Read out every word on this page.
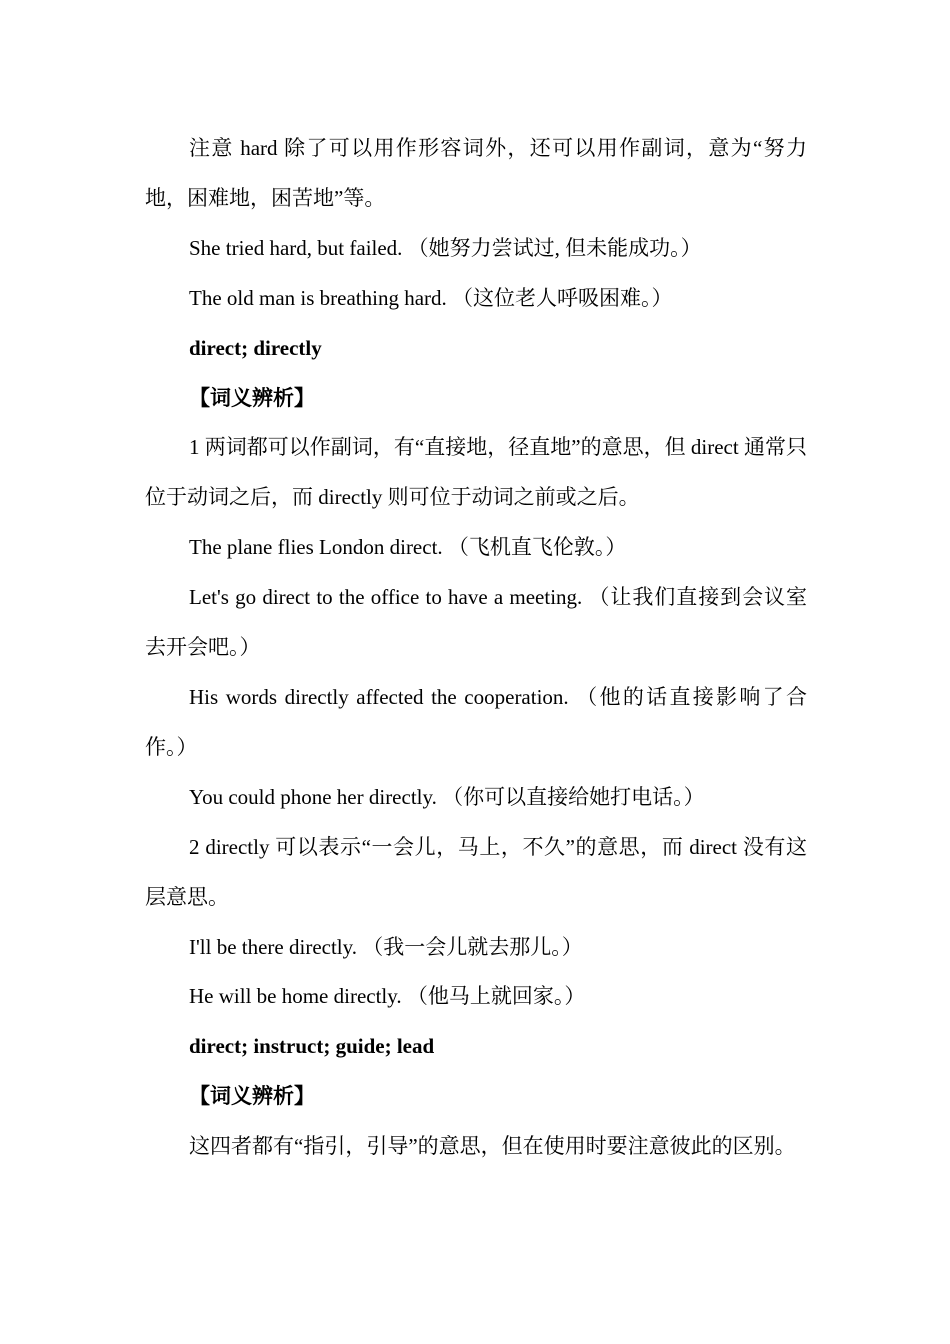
注意 hard 除了可以用作形容词外，还可以用作副词，意为“努力地，困难地，困苦地”等。

She tried hard, but failed. （她努力尝试过, 但未能成功。）

The old man is breathing hard. （这位老人呼吸困难。）

direct; directly

【词义辨析】

1 两词都可以作副词，有“直接地，径直地”的意思，但 direct 通常只位于动词之后，而 directly 则可位于动词之前或之后。

The plane flies London direct. （飞机直飞伦敦。）

Let's go direct to the office to have a meeting. （让我们直接到会议室去开会吧。）

His words directly affected the cooperation. （他的话直接影响了合作。）

You could phone her directly. （你可以直接给她打电话。）

2 directly 可以表示“一会儿，马上，不久”的意思，而 direct 没有这层意思。

I'll be there directly. （我一会儿就去那儿。）

He will be home directly. （他马上就回家。）

direct; instruct; guide; lead

【词义辨析】

这四者都有“指引，引导”的意思，但在使用时要注意彼此的区别。
